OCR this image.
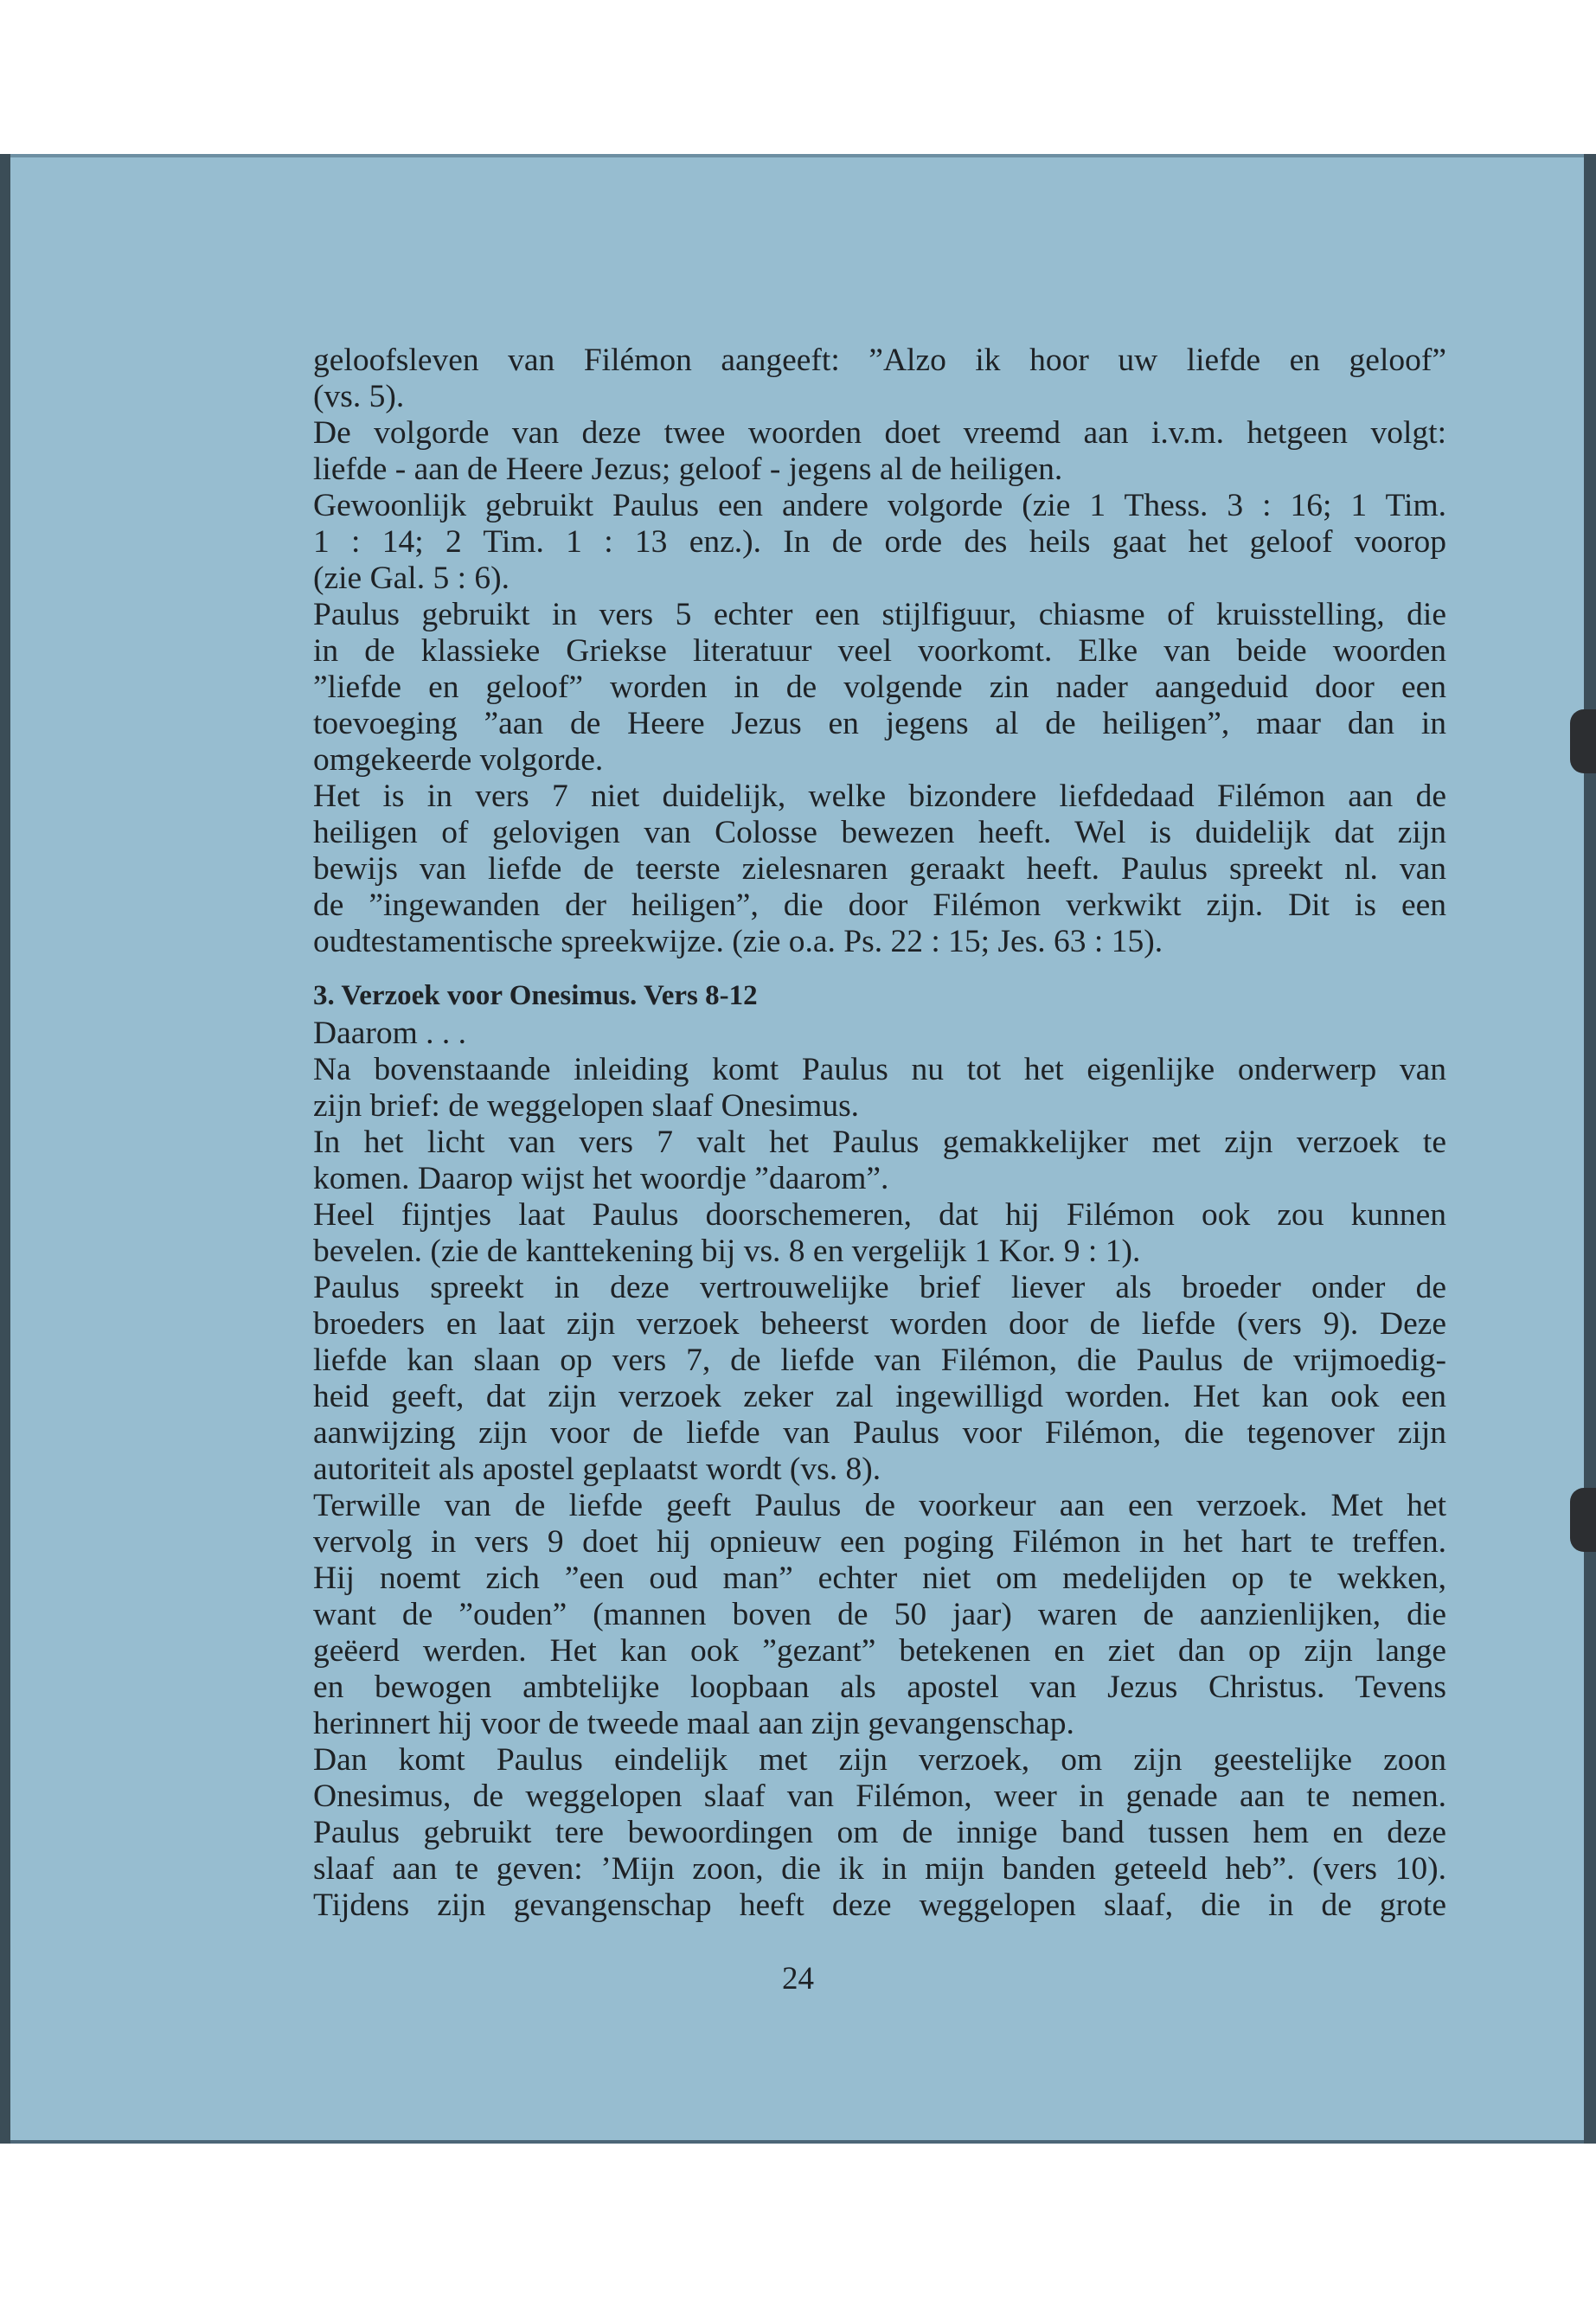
geloofsleven van Filémon aangeeft: ”Alzo ik hoor uw liefde en geloof”
(vs. 5).

De volgorde van deze twee woorden doet vreemd aan i.v.m. hetgeen volgt:
liefde - aan de Heere Jezus; geloof - jegens al de heiligen.

Gewoonlijk gebruikt Paulus een andere volgorde (zie 1 Thess. 3 : 16; 1 Tim.
1 : 14; 2 Tim. 1 : 13 enz.). In de orde des heils gaat het geloof voorop
(zie Gal. 5 : 6).

Paulus gebruikt in vers 5 echter een stijlfiguur, chiasme of kruisstelling, die
in de klassieke Griekse literatuur veel voorkomt. Elke van beide woorden
”liefde en geloof” worden in de volgende zin nader aangeduid door een
toevoeging ”aan de Heere Jezus en jegens al de heiligen”, maar dan in
omgekeerde volgorde.

Het is in vers 7 niet duidelijk, welke bizondere liefdedaad Filémon aan de
heiligen of gelovigen van Colosse bewezen heeft. Wel is duidelijk dat zijn
bewijs van liefde de teerste zielesnaren geraakt heeft. Paulus spreekt nl. van
de ”ingewanden der heiligen”, die door Filémon verkwikt zijn. Dit is een
oudtestamentische spreekwijze. (zie o.a. Ps. 22 : 15; Jes. 63 : 15).

3. Verzoek voor Onesimus. Vers 8-12

Daarom . . .

Na bovenstaande inleiding komt Paulus nu tot het eigenlijke onderwerp van
zijn brief: de weggelopen slaaf Onesimus.

In het licht van vers 7 valt het Paulus gemakkelijker met zijn verzoek te
komen. Daarop wijst het woordje ”daarom”.

Heel fijntjes laat Paulus doorschemeren, dat hij Filémon ook zou kunnen
bevelen. (zie de kanttekening bij vs. 8 en vergelijk 1 Kor. 9 : 1).

Paulus spreekt in deze vertrouwelijke brief liever als broeder onder de
broeders en laat zijn verzoek beheerst worden door de liefde (vers 9). Deze
liefde kan slaan op vers 7, de liefde van Filémon, die Paulus de vrijmoedig-
heid geeft, dat zijn verzoek zeker zal ingewilligd worden. Het kan ook een
aanwijzing zijn voor de liefde van Paulus voor Filémon, die tegenover zijn
autoriteit als apostel geplaatst wordt (vs. 8).

Terwille van de liefde geeft Paulus de voorkeur aan een verzoek. Met het
vervolg in vers 9 doet hij opnieuw een poging Filémon in het hart te treffen.
Hij noemt zich ”een oud man” echter niet om medelijden op te wekken,
want de ”ouden” (mannen boven de 50 jaar) waren de aanzienlijken, die
geëerd werden. Het kan ook ”gezant” betekenen en ziet dan op zijn lange
en bewogen ambtelijke loopbaan als apostel van Jezus Christus. Tevens
herinnert hij voor de tweede maal aan zijn gevangenschap.

Dan komt Paulus eindelijk met zijn verzoek, om zijn geestelijke zoon
Onesimus, de weggelopen slaaf van Filémon, weer in genade aan te nemen.
Paulus gebruikt tere bewoordingen om de innige band tussen hem en deze
slaaf aan te geven: ’Mijn zoon, die ik in mijn banden geteeld heb”. (vers 10).
Tijdens zijn gevangenschap heeft deze weggelopen slaaf, die in de grote

24
